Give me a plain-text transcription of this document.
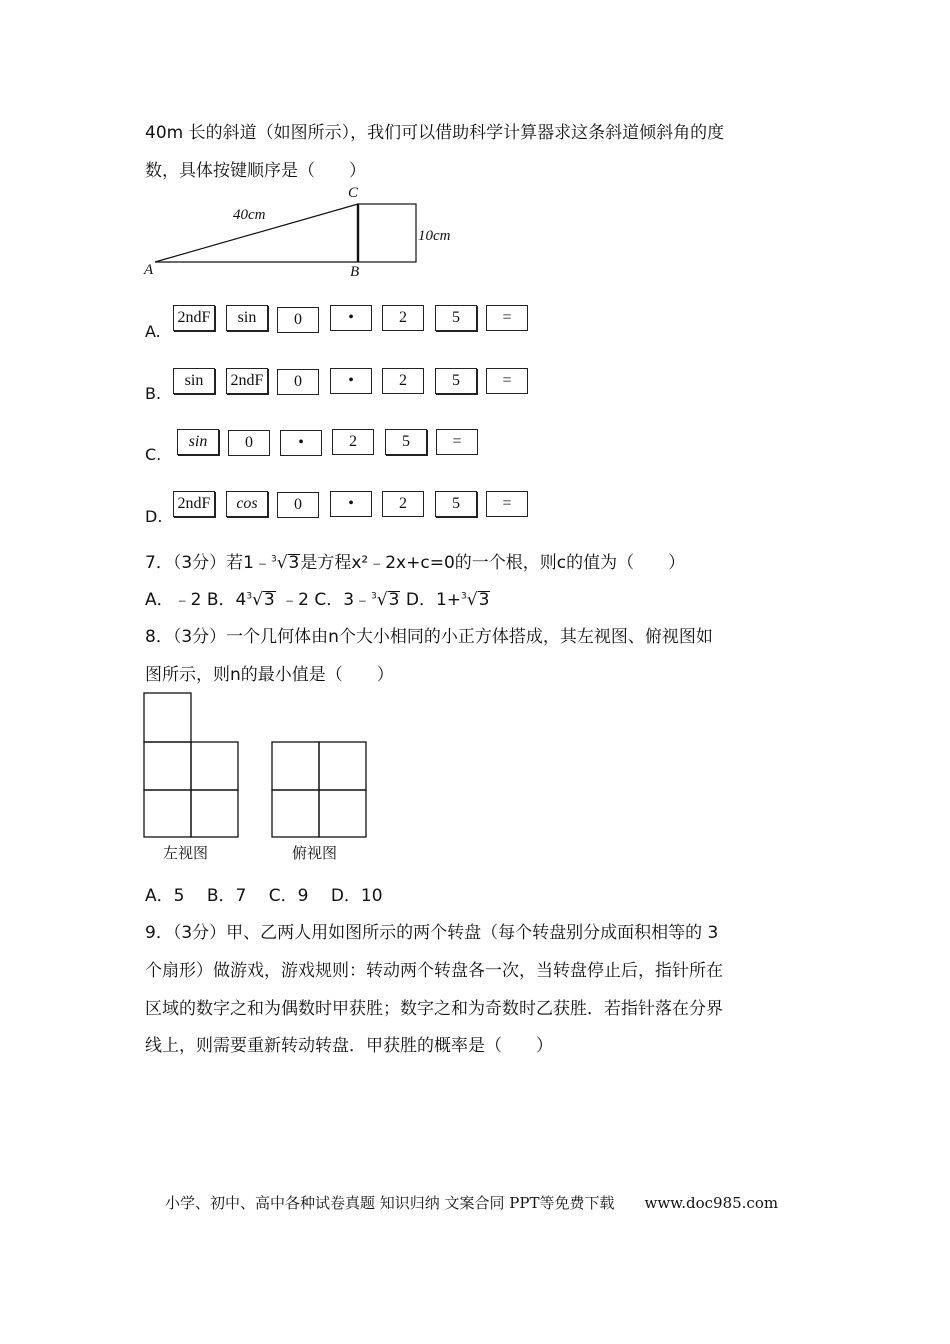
40m 长的斜道（如图所示），我们可以借助科学计算器求这条斜道倾斜角的度
数，具体按键顺序是（　　）
40cm
10cm
A	B
C
A.
B.
C.
D.
2ndF	sin	0	•	2	5	=
sin	2ndF	0	•	2	5	=
sin	0	•	2	5	=
2ndF	cos	0	•	2	5	=
7．（3分）若1﹣$^3$√3是方程x²﹣2x+c=0的一个根，则c的值为（　　）
A．﹣2 B．$4^3√3$ ﹣2 C．3﹣$^3$√3 D．1+$^3$√3
8．（3分）一个几何体由n个大小相同的小正方体搭成，其左视图、俯视图如
图所示，则n的最小值是（　　）
左视图	俯视图
A．5　 B．7　 C．9　 D．10
9．（3分）甲、乙两人用如图所示的两个转盘（每个转盘别分成面积相等的 3
个扇形）做游戏，游戏规则：转动两个转盘各一次，当转盘停止后，指针所在
区域的数字之和为偶数时甲获胜；数字之和为奇数时乙获胜．若指针落在分界
线上，则需要重新转动转盘．甲获胜的概率是（　　）
小学、初中、高中各种试卷真题 知识归纳 文案合同 PPT等免费下载　　www.doc985.com
